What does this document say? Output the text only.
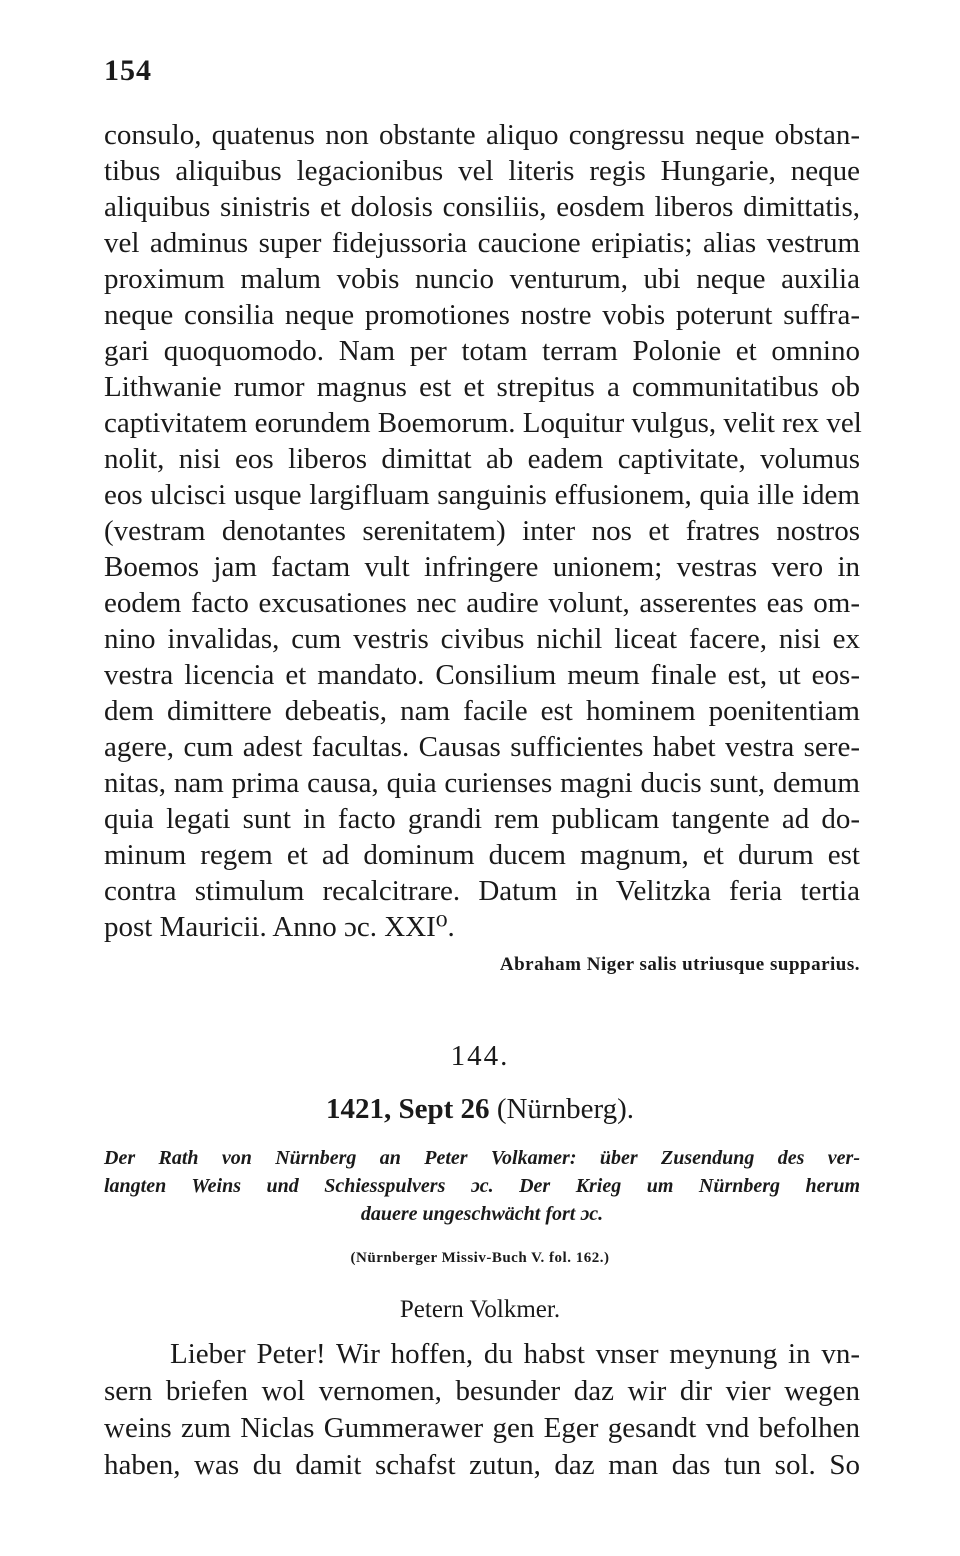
154
consulo, quatenus non obstante aliquo congressu neque obstan-
tibus aliquibus legacionibus vel literis regis Hungarie, neque
aliquibus sinistris et dolosis consiliis, eosdem liberos dimittatis,
vel adminus super fidejussoria caucione eripiatis; alias vestrum
proximum malum vobis nuncio venturum, ubi neque auxilia
neque consilia neque promotiones nostre vobis poterunt suffra-
gari quoquomodo. Nam per totam terram Polonie et omnino
Lithwanie rumor magnus est et strepitus a communitatibus ob
captivitatem eorundem Boemorum. Loquitur vulgus, velit rex vel
nolit, nisi eos liberos dimittat ab eadem captivitate, volumus
eos ulcisci usque largifluam sanguinis effusionem, quia ille idem
(vestram denotantes serenitatem) inter nos et fratres nostros
Boemos jam factam vult infringere unionem; vestras vero in
eodem facto excusationes nec audire volunt, asserentes eas om-
nino invalidas, cum vestris civibus nichil liceat facere, nisi ex
vestra licencia et mandato. Consilium meum finale est, ut eos-
dem dimittere debeatis, nam facile est hominem poenitentiam
agere, cum adest facultas. Causas sufficientes habet vestra sere-
nitas, nam prima causa, quia curienses magni ducis sunt, demum
quia legati sunt in facto grandi rem publicam tangente ad do-
minum regem et ad dominum ducem magnum, et durum est
contra stimulum recalcitrare. Datum in Velitzka feria tertia
post Mauricii. Anno ɔc. XXI⁰.
Abraham Niger salis utriusque supparius.
144.
1421, Sept 26 (Nürnberg).
Der Rath von Nürnberg an Peter Volkamer: über Zusendung des ver-
langten Weins und Schiesspulvers ɔc. Der Krieg um Nürnberg herum
dauere ungeschwächt fort ɔc.
(Nürnberger Missiv-Buch V. fol. 162.)
Petern Volkmer.
Lieber Peter! Wir hoffen, du habst vnser meynung in vn-
sern briefen wol vernomen, besunder daz wir dir vier wegen
weins zum Niclas Gummerawer gen Eger gesandt vnd befolhen
haben, was du damit schafst zutun, daz man das tun sol. So
